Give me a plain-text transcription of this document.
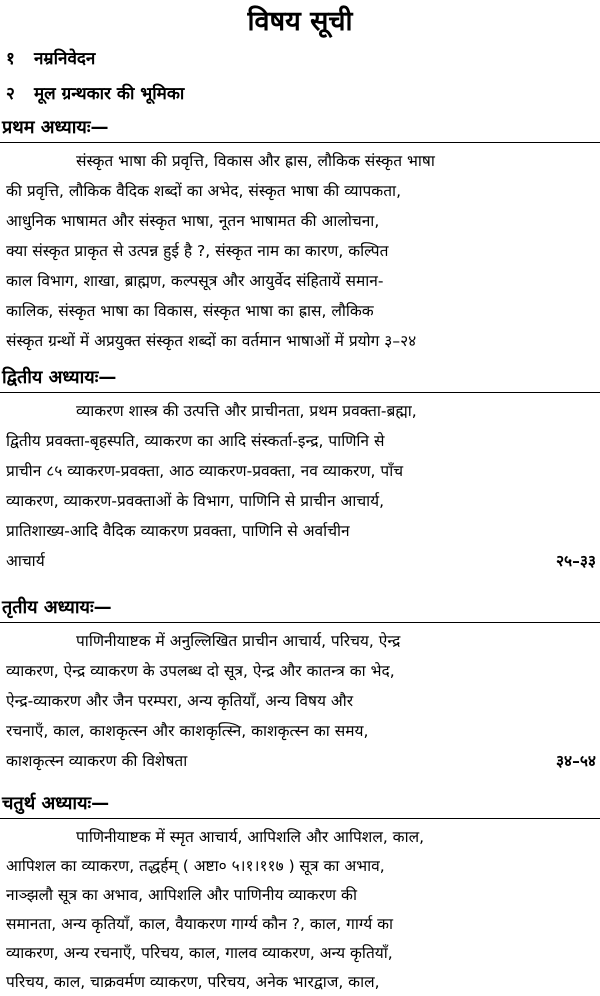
विषय सूची
१ नम्रनिवेदन
२ मूल ग्रन्थकार की भूमिका
प्रथम अध्यायः—
संस्कृत भाषा की प्रवृत्ति, विकास और ह्रास, लौकिक संस्कृत भाषा
की प्रवृत्ति, लौकिक वैदिक शब्दों का अभेद, संस्कृत भाषा की व्यापकता,
आधुनिक भाषामत और संस्कृत भाषा, नूतन भाषामत की आलोचना,
क्या संस्कृत प्राकृत से उत्पन्न हुई है ?, संस्कृत नाम का कारण, कल्पित
काल विभाग, शाखा, ब्राह्मण, कल्पसूत्र और आयुर्वेद संहितायें समान-
कालिक, संस्कृत भाषा का विकास, संस्कृत भाषा का ह्रास, लौकिक
संस्कृत ग्रन्थों में अप्रयुक्त संस्कृत शब्दों का वर्तमान भाषाओं में प्रयोग ३–२४
द्वितीय अध्यायः—
व्याकरण शास्त्र की उत्पत्ति और प्राचीनता, प्रथम प्रवक्ता-ब्रह्मा,
द्वितीय प्रवक्ता-बृहस्पति, व्याकरण का आदि संस्कर्ता-इन्द्र, पाणिनि से
प्राचीन ८५ व्याकरण-प्रवक्ता, आठ व्याकरण-प्रवक्ता, नव व्याकरण, पाँच
व्याकरण, व्याकरण-प्रवक्ताओं के विभाग, पाणिनि से प्राचीन आचार्य,
प्रातिशाख्य-आदि वैदिक व्याकरण प्रवक्ता, पाणिनि से अर्वाचीन
आचार्य	२५–३३
तृतीय अध्यायः—
पाणिनीयाष्टक में अनुल्लिखित प्राचीन आचार्य, परिचय, ऐन्द्र
व्याकरण, ऐन्द्र व्याकरण के उपलब्ध दो सूत्र, ऐन्द्र और कातन्त्र का भेद,
ऐन्द्र-व्याकरण और जैन परम्परा, अन्य कृतियाँ, अन्य विषय और
रचनाएँ, काल, काशकृत्स्न और काशकृत्स्नि, काशकृत्स्न का समय,
काशकृत्स्न व्याकरण की विशेषता	३४–५४
चतुर्थ अध्यायः—
पाणिनीयाष्टक में स्मृत आचार्य, आपिशलि और आपिशल, काल,
आपिशल का व्याकरण, तद्धर्हम् ( अष्टा० ५।१।११७ ) सूत्र का अभाव,
नाञ्झलौ सूत्र का अभाव, आपिशलि और पाणिनीय व्याकरण की
समानता, अन्य कृतियाँ, काल, वैयाकरण गार्ग्य कौन ?, काल, गार्ग्य का
व्याकरण, अन्य रचनाएँ, परिचय, काल, गालव व्याकरण, अन्य कृतियाँ,
परिचय, काल, चाक्रवर्मण व्याकरण, परिचय, अनेक भारद्वाज, काल,
